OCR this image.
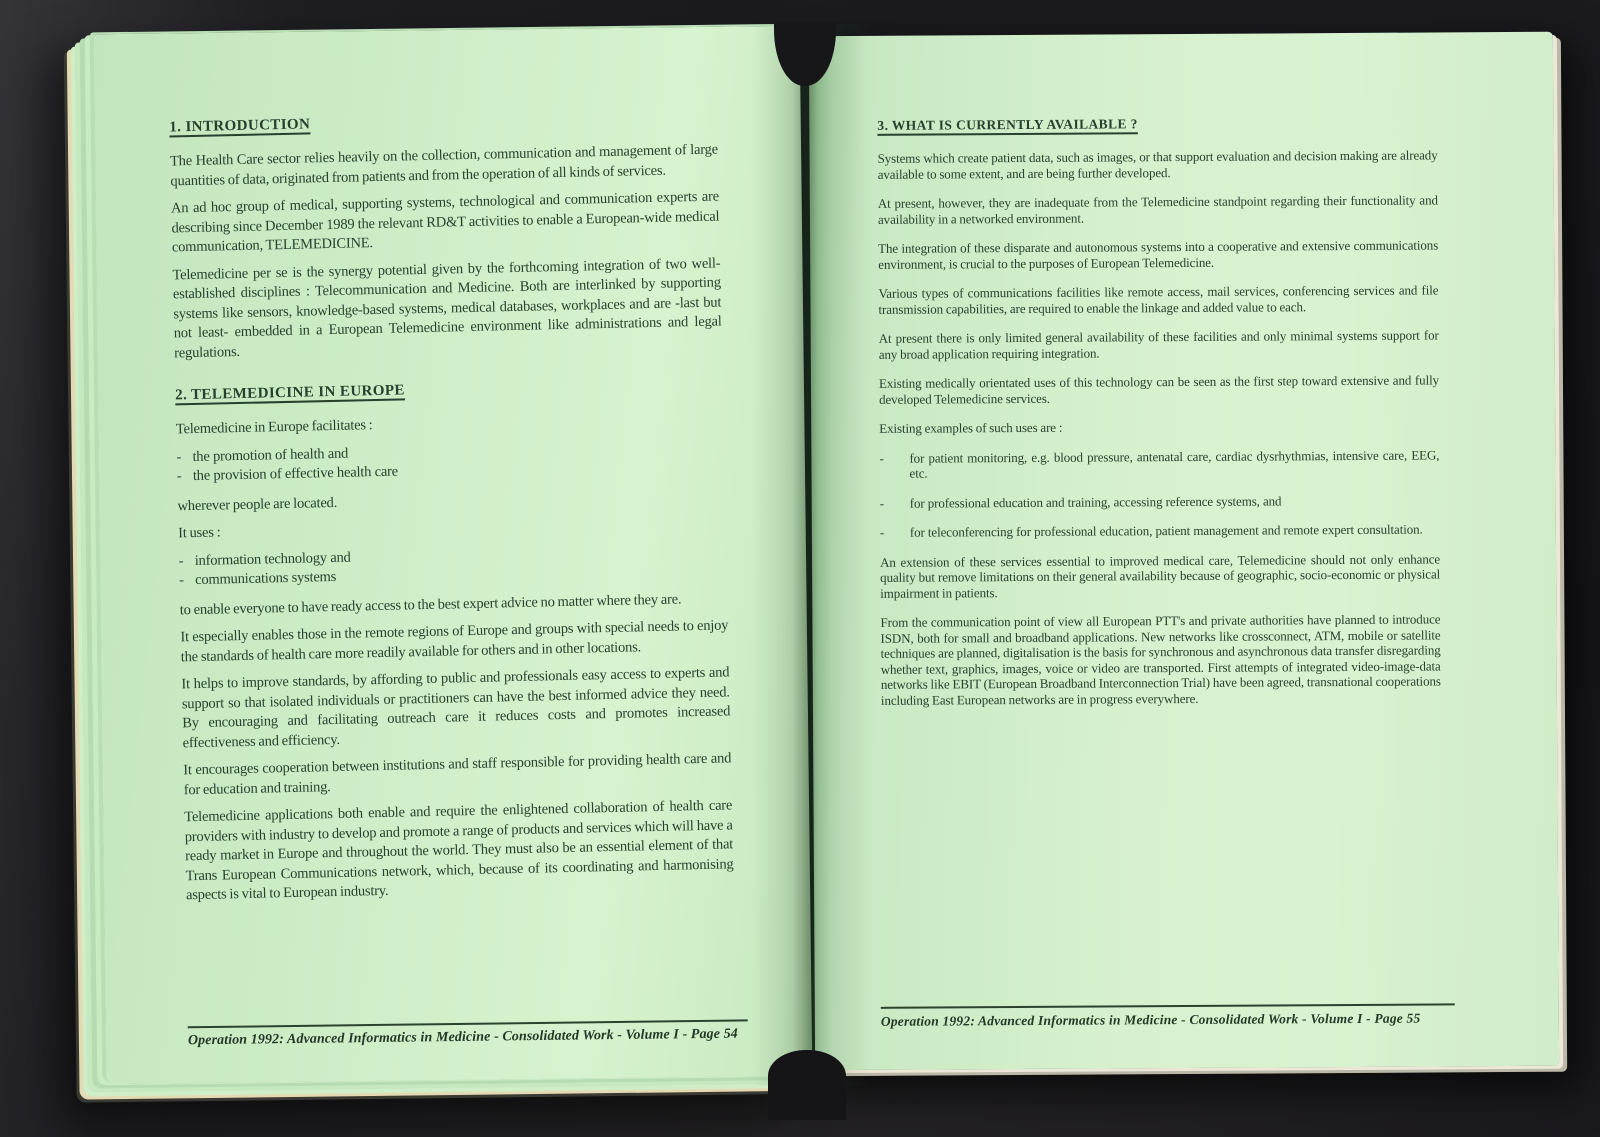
1. INTRODUCTION

The Health Care sector relies heavily on the collection, communication and management of large quantities of data, originated from patients and from the operation of all kinds of services.

An ad hoc group of medical, supporting systems, technological and communication experts are describing since December 1989 the relevant RD&T activities to enable a European-wide medical communication, TELEMEDICINE.

Telemedicine per se is the synergy potential given by the forthcoming integration of two well-established disciplines : Telecommunication and Medicine. Both are interlinked by supporting systems like sensors, knowledge-based systems, medical databases, workplaces and are -last but not least- embedded in a European Telemedicine environment like administrations and legal regulations.

2. TELEMEDICINE IN EUROPE

Telemedicine in Europe facilitates :

- the promotion of health and
- the provision of effective health care

wherever people are located.

It uses :

- information technology and
- communications systems

to enable everyone to have ready access to the best expert advice no matter where they are.

It especially enables those in the remote regions of Europe and groups with special needs to enjoy the standards of health care more readily available for others and in other locations.

It helps to improve standards, by affording to public and professionals easy access to experts and support so that isolated individuals or practitioners can have the best informed advice they need. By encouraging and facilitating outreach care it reduces costs and promotes increased effectiveness and efficiency.

It encourages cooperation between institutions and staff responsible for providing health care and for education and training.

Telemedicine applications both enable and require the enlightened collaboration of health care providers with industry to develop and promote a range of products and services which will have a ready market in Europe and throughout the world. They must also be an essential element of that Trans European Communications network, which, because of its coordinating and harmonising aspects is vital to European industry.

Operation 1992: Advanced Informatics in Medicine - Consolidated Work - Volume I - Page 54
3. WHAT IS CURRENTLY AVAILABLE ?

Systems which create patient data, such as images, or that support evaluation and decision making are already available to some extent, and are being further developed.

At present, however, they are inadequate from the Telemedicine standpoint regarding their functionality and availability in a networked environment.

The integration of these disparate and autonomous systems into a cooperative and extensive communications environment, is crucial to the purposes of European Telemedicine.

Various types of communications facilities like remote access, mail services, conferencing services and file transmission capabilities, are required to enable the linkage and added value to each.

At present there is only limited general availability of these facilities and only minimal systems support for any broad application requiring integration.

Existing medically orientated uses of this technology can be seen as the first step toward extensive and fully developed Telemedicine services.

Existing examples of such uses are :

-	for patient monitoring, e.g. blood pressure, antenatal care, cardiac dysrhythmias, intensive care, EEG, etc.
-	for professional education and training, accessing reference systems, and
-	for teleconferencing for professional education, patient management and remote expert consultation.

An extension of these services essential to improved medical care, Telemedicine should not only enhance quality but remove limitations on their general availability because of geographic, socio-economic or physical impairment in patients.

From the communication point of view all European PTT's and private authorities have planned to introduce ISDN, both for small and broadband applications. New networks like crossconnect, ATM, mobile or satellite techniques are planned, digitalisation is the basis for synchronous and asynchronous data transfer disregarding whether text, graphics, images, voice or video are transported. First attempts of integrated video-image-data networks like EBIT (European Broadband Interconnection Trial) have been agreed, transnational cooperations including East European networks are in progress everywhere.

Operation 1992: Advanced Informatics in Medicine - Consolidated Work - Volume I - Page 55
